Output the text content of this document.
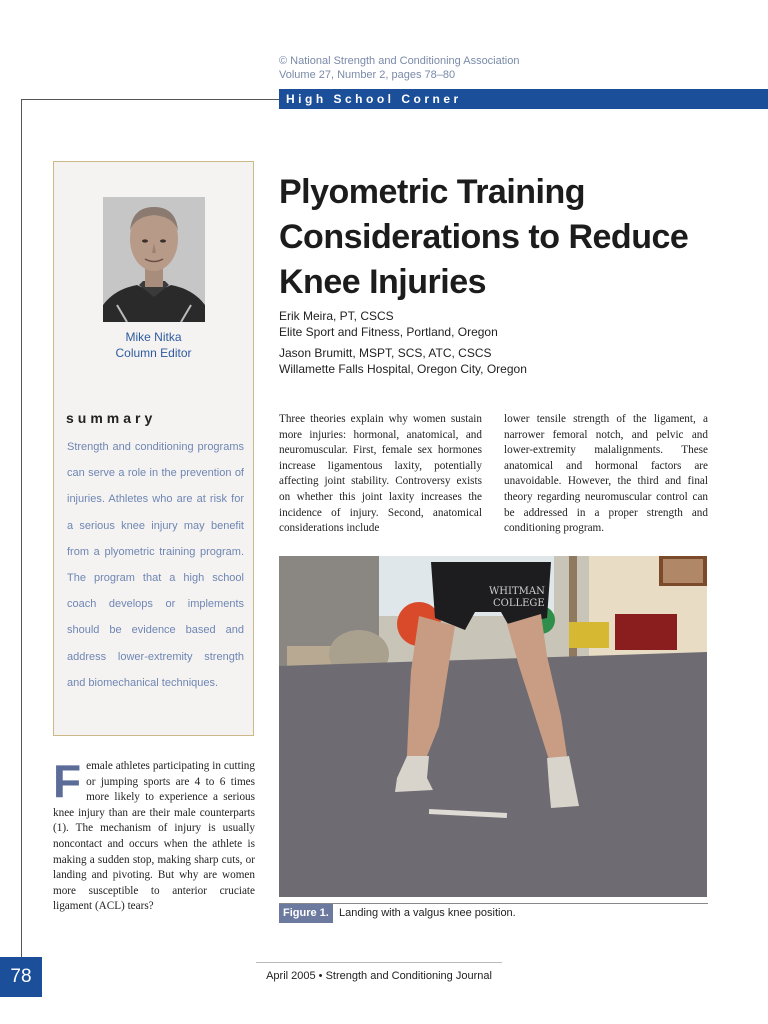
© National Strength and Conditioning Association
Volume 27, Number 2, pages 78–80
High School Corner
Mike Nitka
Column Editor
summary
Strength and conditioning programs can serve a role in the prevention of injuries. Athletes who are at risk for a serious knee injury may benefit from a plyometric training program. The program that a high school coach develops or implements should be evidence based and address lower-extremity strength and biomechanical techniques.
Plyometric Training Considerations to Reduce Knee Injuries
Erik Meira, PT, CSCS
Elite Sport and Fitness, Portland, Oregon
Jason Brumitt, MSPT, SCS, ATC, CSCS
Willamette Falls Hospital, Oregon City, Oregon

Three theories explain why women sustain more injuries: hormonal, anatomical, and neuromuscular. First, female sex hormones increase ligamentous laxity, potentially affecting joint stability. Controversy exists on whether this joint laxity increases the incidence of injury. Second, anatomical considerations include

lower tensile strength of the ligament, a narrower femoral notch, and pelvic and lower-extremity malalignments. These anatomical and hormonal factors are unavoidable. However, the third and final theory regarding neuromuscular control can be addressed in a proper strength and conditioning program.

Female athletes participating in cutting or jumping sports are 4 to 6 times more likely to experience a serious knee injury than are their male counterparts (1). The mechanism of injury is usually noncontact and occurs when the athlete is making a sudden stop, making sharp cuts, or landing and pivoting. But why are women more susceptible to anterior cruciate ligament (ACL) tears?
WHITMAN
COLLEGE
Figure 1. Landing with a valgus knee position.
April 2005 • Strength and Conditioning Journal
78
